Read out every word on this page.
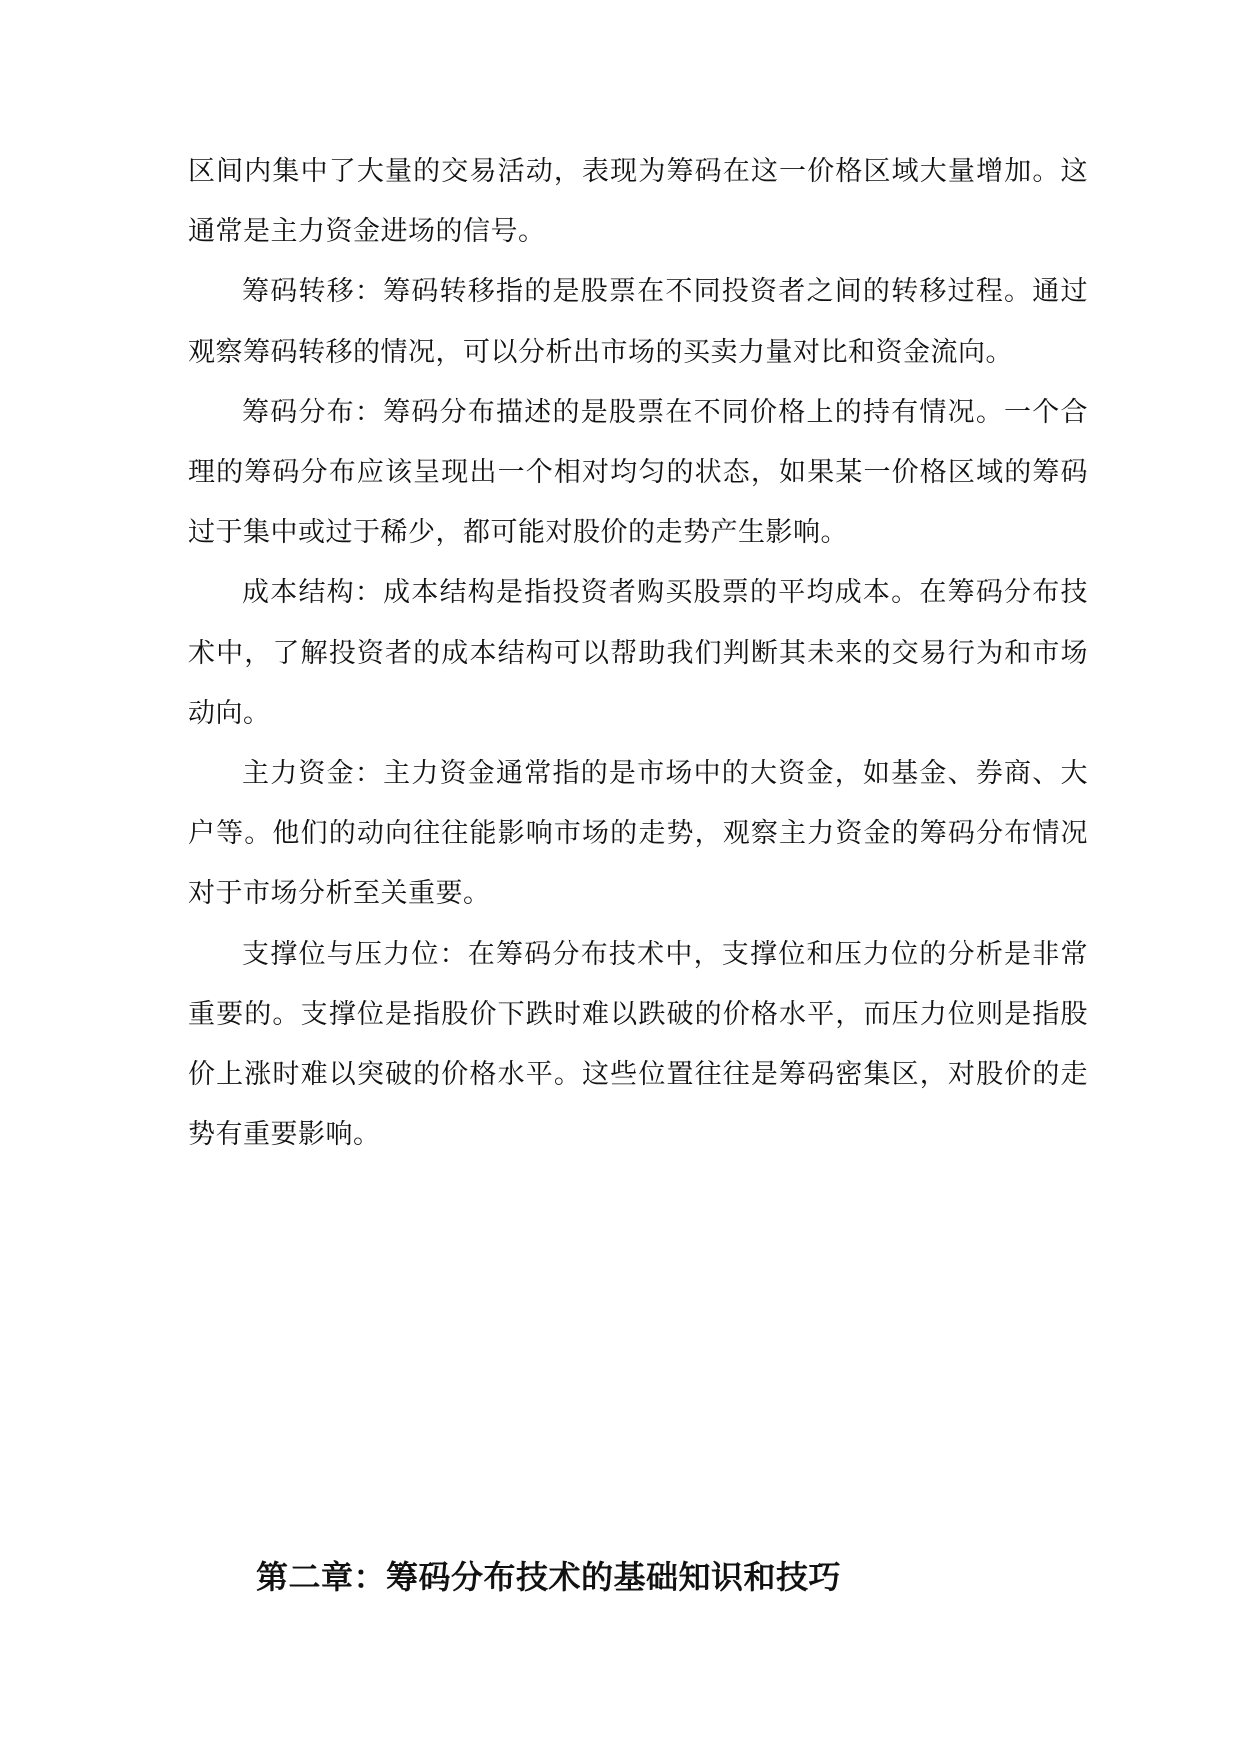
区间内集中了大量的交易活动，表现为筹码在这一价格区域大量增加。这通常是主力资金进场的信号。

筹码转移：筹码转移指的是股票在不同投资者之间的转移过程。通过观察筹码转移的情况，可以分析出市场的买卖力量对比和资金流向。

筹码分布：筹码分布描述的是股票在不同价格上的持有情况。一个合理的筹码分布应该呈现出一个相对均匀的状态，如果某一价格区域的筹码过于集中或过于稀少，都可能对股价的走势产生影响。

成本结构：成本结构是指投资者购买股票的平均成本。在筹码分布技术中，了解投资者的成本结构可以帮助我们判断其未来的交易行为和市场动向。

主力资金：主力资金通常指的是市场中的大资金，如基金、券商、大户等。他们的动向往往能影响市场的走势，观察主力资金的筹码分布情况对于市场分析至关重要。

支撑位与压力位：在筹码分布技术中，支撑位和压力位的分析是非常重要的。支撑位是指股价下跌时难以跌破的价格水平，而压力位则是指股价上涨时难以突破的价格水平。这些位置往往是筹码密集区，对股价的走势有重要影响。

第二章：筹码分布技术的基础知识和技巧
